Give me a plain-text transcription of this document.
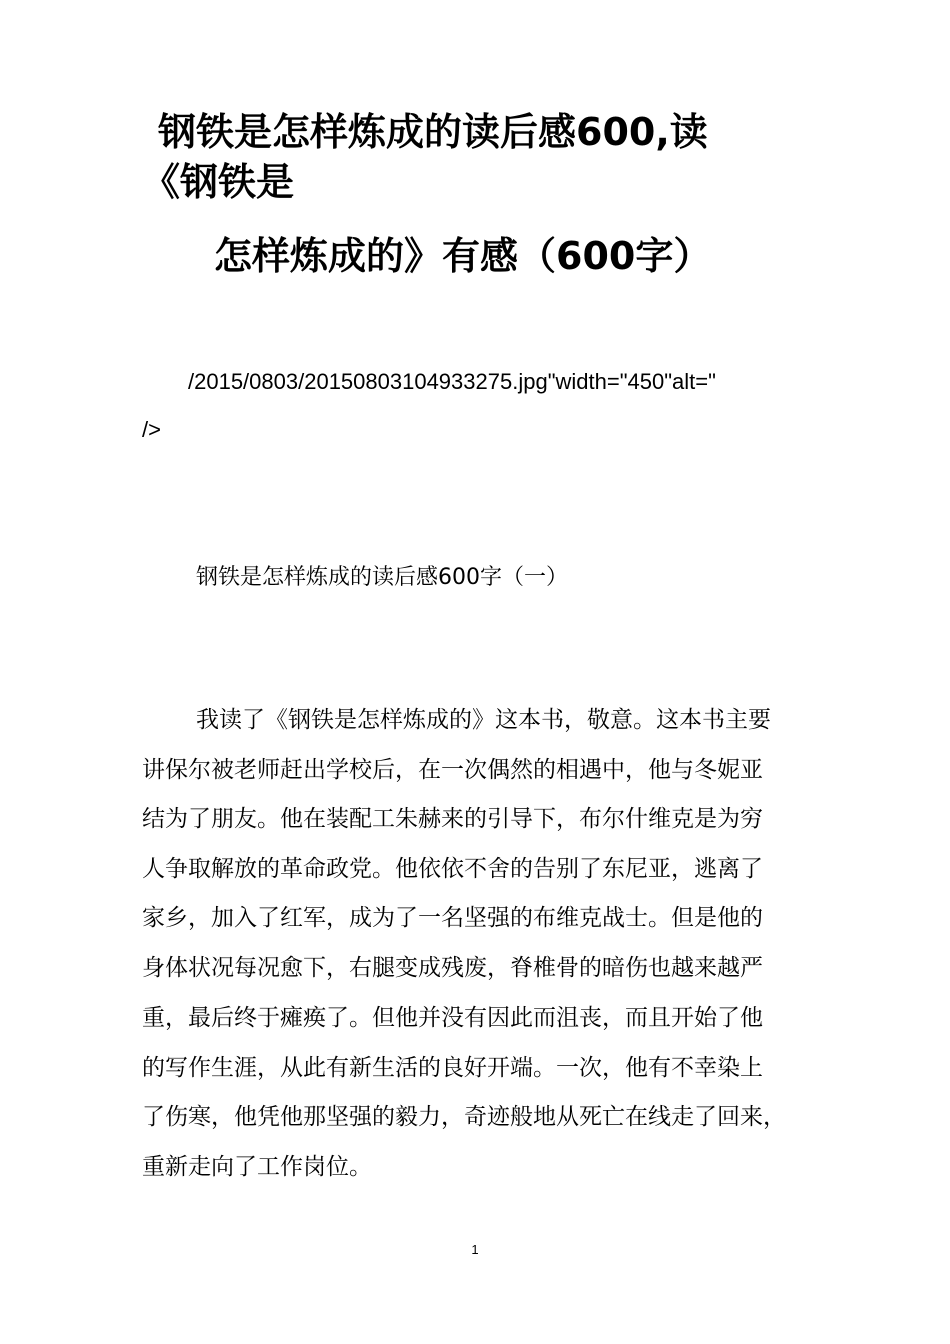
钢铁是怎样炼成的读后感600,读
《钢铁是
怎样炼成的》有感（600字）
/2015/0803/20150803104933275.jpg"width="450"alt="
/>
钢铁是怎样炼成的读后感600字（一）
我读了《钢铁是怎样炼成的》这本书，敬意。这本书主要
讲保尔被老师赶出学校后，在一次偶然的相遇中，他与冬妮亚
结为了朋友。他在装配工朱赫来的引导下，布尔什维克是为穷
人争取解放的革命政党。他依依不舍的告别了东尼亚，逃离了
家乡，加入了红军，成为了一名坚强的布维克战士。但是他的
身体状况每况愈下，右腿变成残废，脊椎骨的暗伤也越来越严
重，最后终于瘫痪了。但他并没有因此而沮丧，而且开始了他
的写作生涯，从此有新生活的良好开端。一次，他有不幸染上
了伤寒，他凭他那坚强的毅力，奇迹般地从死亡在线走了回来，
重新走向了工作岗位。
1
